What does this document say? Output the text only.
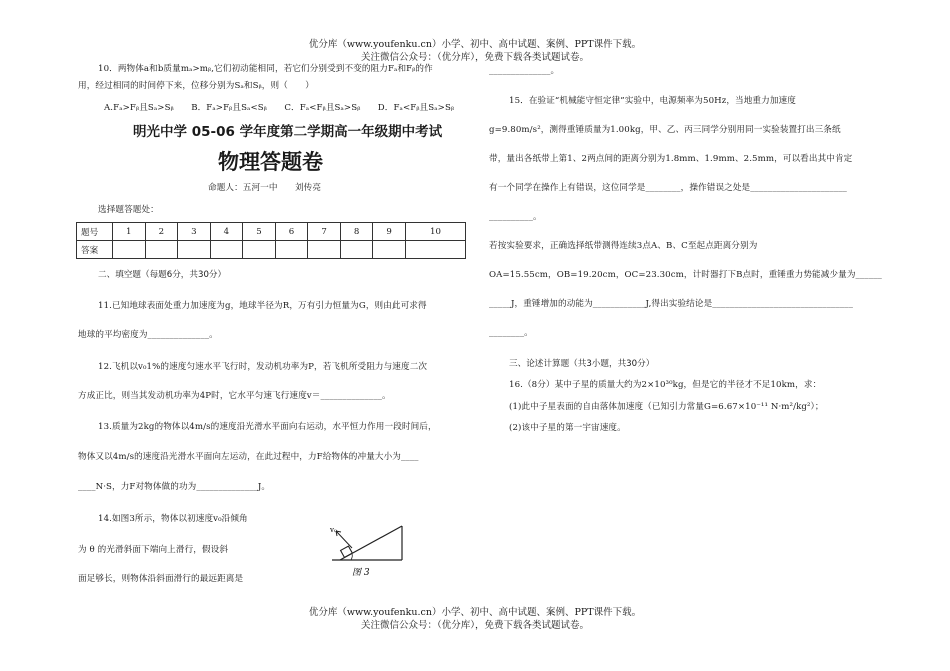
优分库（www.youfenku.cn）小学、初中、高中试题、案例、PPT课件下载。
关注微信公众号：（优分库），免费下载各类试题试卷。
10．两物体a和b质量mₐ>mᵦ,它们初动能相同，若它们分别受到不变的阻力Fₐ和Fᵦ的作
用，经过相同的时间停下来，位移分别为Sₐ和Sᵦ，则（　　）
A.Fₐ>Fᵦ且Sₐ>Sᵦ　　B．Fₐ>Fᵦ且Sₐ<Sᵦ　　C．Fₐ<Fᵦ且Sₐ>Sᵦ　　D．Fₐ<Fᵦ且Sₐ>Sᵦ
明光中学 05-06 学年度第二学期高一年级期中考试
物理答题卷
命题人：五河一中　　刘传亮
选择题答题处：
题号	1	2	3	4	5	6	7	8	9	10
答案										
二、填空题（每题6分，共30分）
11.已知地球表面处重力加速度为g，地球半径为R，万有引力恒量为G，则由此可求得
地球的平均密度为______________。
12.飞机以v₀1%的速度匀速水平飞行时，发动机功率为P，若飞机所受阻力与速度二次
方成正比，则当其发动机功率为4P时，它水平匀速飞行速度v＝______________。
13.质量为2kg的物体以4m/s的速度沿光滑水平面向右运动，水平恒力作用一段时间后，
物体又以4m/s的速度沿光滑水平面向左运动，在此过程中，力F给物体的冲量大小为____
____N·S，力F对物体做的功为______________J。
14.如图3所示，物体以初速度v₀沿倾角
为 θ 的光滑斜面下端向上滑行，假设斜
面足够长，则物体沿斜面滑行的最远距离是
v₀
图 3
______________。
15．在验证“机械能守恒定律”实验中，电源频率为50Hz，当地重力加速度
g=9.80m/s²，测得重锤质量为1.00kg，甲、乙、丙三同学分别用同一实验装置打出三条纸
带，量出各纸带上第1、2两点间的距离分别为1.8mm、1.9mm、2.5mm，可以看出其中肯定
有一个同学在操作上有错误，这位同学是________，操作错误之处是______________________
__________。
若按实验要求，正确选择纸带测得连续3点A、B、C至起点距离分别为
OA=15.55cm，OB=19.20cm，OC=23.30cm，计时器打下B点时，重锤重力势能减少量为______
_____J，重锤增加的动能为____________J,得出实验结论是________________________________
________。
三、论述计算题（共3小题，共30分）
16.（8分）某中子星的质量大约为2×10³⁰kg，但是它的半径才不足10km，求：
(1)此中子星表面的自由落体加速度（已知引力常量G=6.67×10⁻¹¹ N·m²/kg²）；
(2)该中子星的第一宇宙速度。
优分库（www.youfenku.cn）小学、初中、高中试题、案例、PPT课件下载。
关注微信公众号：（优分库），免费下载各类试题试卷。
